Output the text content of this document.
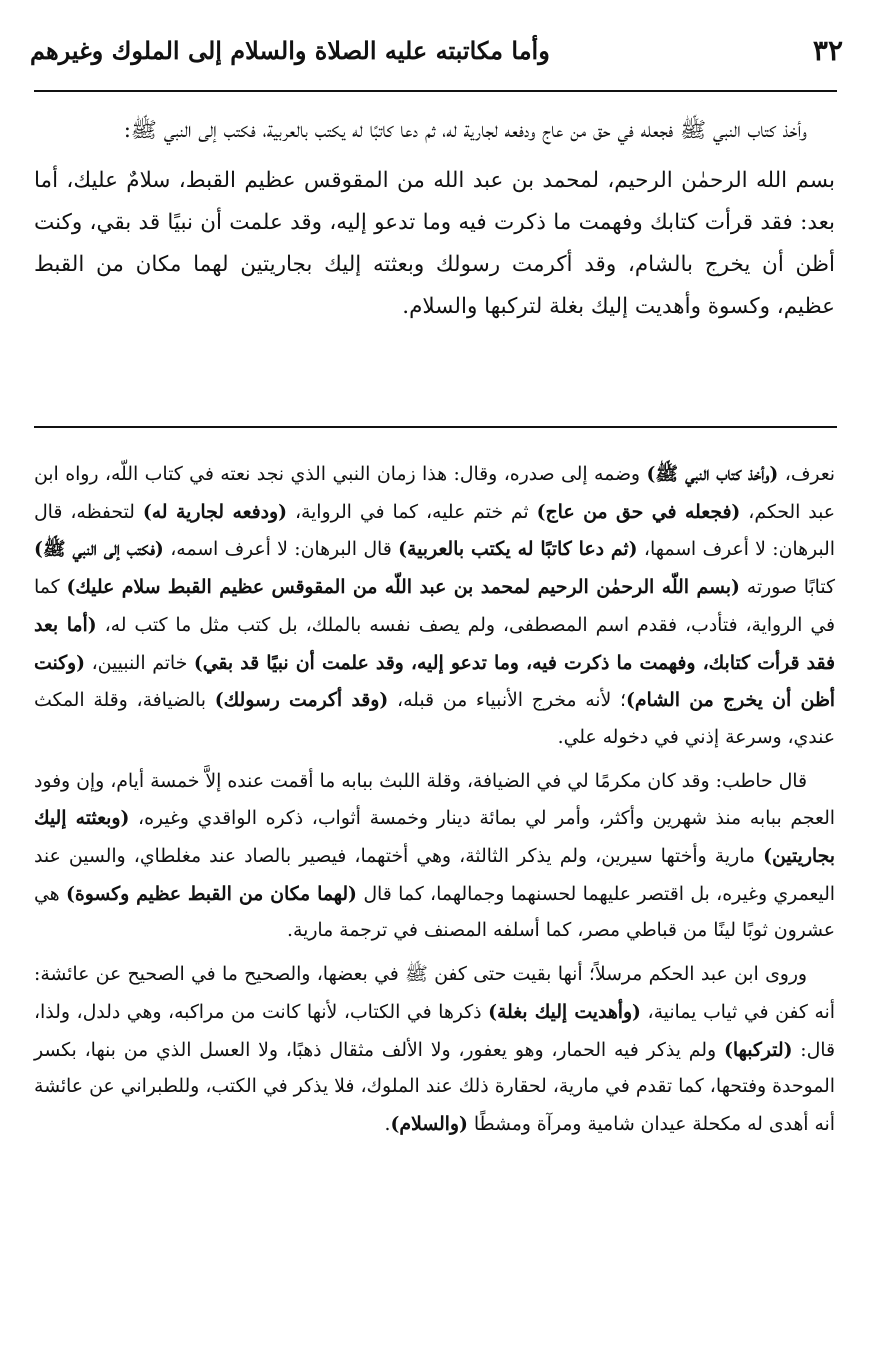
٣٢
وأما مكاتبته عليه الصلاة والسلام إلى الملوك وغيرهم

وأخذ كتاب النبي ﷺ فجعله في حق من عاج ودفعه لجارية له، ثم دعا كاتبًا له يكتب بالعربية، فكتب إلى النبي ﷺ:

بسم الله الرحمٰن الرحيم، لمحمد بن عبد الله من المقوقس عظيم القبط، سلامٌ عليك، أما بعد: فقد قرأت كتابك وفهمت ما ذكرت فيه وما تدعو إليه، وقد علمت أن نبيًا قد بقي، وكنت أظن أن يخرج بالشام، وقد أكرمت رسولك وبعثته إليك بجاريتين لهما مكان من القبط عظيم، وكسوة وأهديت إليك بغلة لتركبها والسلام.

نعرف، (وأخذ كتاب النبي ﷺ) وضمه إلى صدره، وقال: هذا زمان النبي الذي نجد نعته في كتاب اللّه، رواه ابن عبد الحكم، (فجعله في حق من عاج) ثم ختم عليه، كما في الرواية، (ودفعه لجارية له) لتحفظه، قال البرهان: لا أعرف اسمها، (ثم دعا كاتبًا له يكتب بالعربية) قال البرهان: لا أعرف اسمه، (فكتب إلى النبي ﷺ) كتابًا صورته (بسم اللّه الرحمٰن الرحيم لمحمد بن عبد اللّه من المقوقس عظيم القبط سلام عليك) كما في الرواية، فتأدب، فقدم اسم المصطفى، ولم يصف نفسه بالملك، بل كتب مثل ما كتب له، (أما بعد فقد قرأت كتابك، وفهمت ما ذكرت فيه، وما تدعو إليه، وقد علمت أن نبيًا قد بقي) خاتم النبيين، (وكنت أظن أن يخرج من الشام)؛ لأنه مخرج الأنبياء من قبله، (وقد أكرمت رسولك) بالضيافة، وقلة المكث عندي، وسرعة إذني في دخوله علي.

قال حاطب: وقد كان مكرمًا لي في الضيافة، وقلة اللبث ببابه ما أقمت عنده إلاَّ خمسة أيام، وإن وفود العجم ببابه منذ شهرين وأكثر، وأمر لي بمائة دينار وخمسة أثواب، ذكره الواقدي وغيره، (وبعثته إليك بجاريتين) مارية وأختها سيرين، ولم يذكر الثالثة، وهي أختهما، فيصير بالصاد عند مغلطاي، والسين عند اليعمري وغيره، بل اقتصر عليهما لحسنهما وجمالهما، كما قال (لهما مكان من القبط عظيم وكسوة) هي عشرون ثوبًا لينًا من قباطي مصر، كما أسلفه المصنف في ترجمة مارية.

وروى ابن عبد الحكم مرسلاً؛ أنها بقيت حتى كفن ﷺ في بعضها، والصحيح ما في الصحيح عن عائشة: أنه كفن في ثياب يمانية، (وأهديت إليك بغلة) ذكرها في الكتاب، لأنها كانت من مراكبه، وهي دلدل، ولذا، قال: (لتركبها) ولم يذكر فيه الحمار، وهو يعفور، ولا الألف مثقال ذهبًا، ولا العسل الذي من بنها، بكسر الموحدة وفتحها، كما تقدم في مارية، لحقارة ذلك عند الملوك، فلا يذكر في الكتب، وللطبراني عن عائشة أنه أهدى له مكحلة عيدان شامية ومرآة ومشطًا (والسلام).
